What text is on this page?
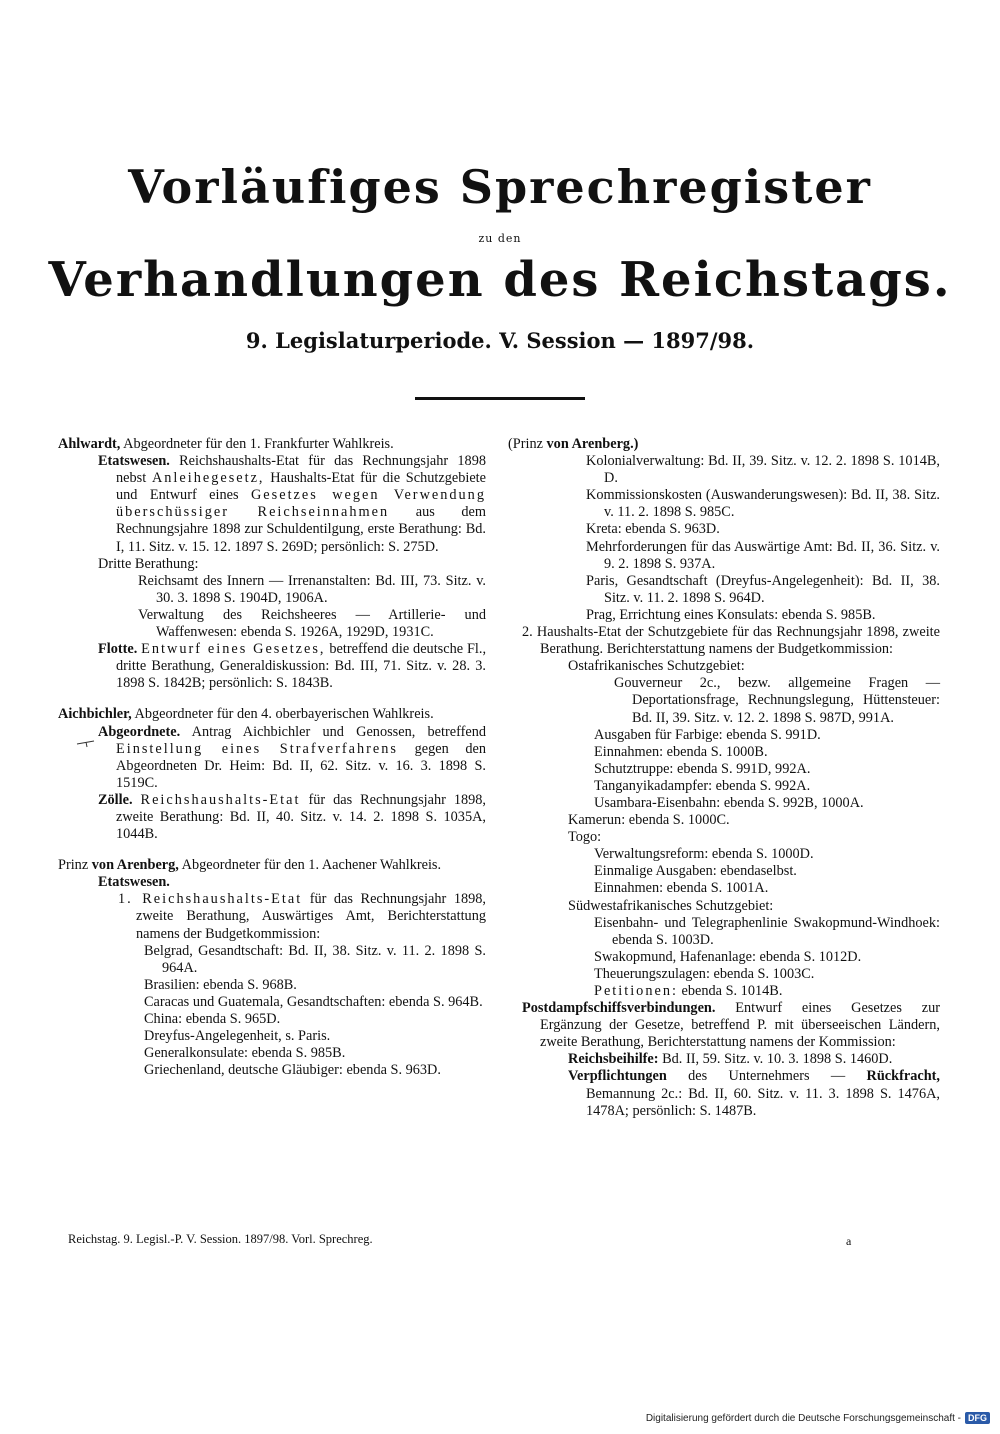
Vorläufiges Sprechregister
zu den
Verhandlungen des Reichstags.
9. Legislaturperiode. V. Session — 1897/98.

Ahlwardt, Abgeordneter für den 1. Frankfurter Wahlkreis.

Etatswesen. Reichshaushalts-Etat für das Rechnungsjahr 1898 nebst Anleihegesetz, Haushalts-Etat für die Schutzgebiete und Entwurf eines Gesetzes wegen Verwendung überschüssiger Reichseinnahmen aus dem Rechnungsjahre 1898 zur Schuldentilgung, erste Berathung: Bd. I, 11. Sitz. v. 15. 12. 1897 S. 269D; persönlich: S. 275D.

Dritte Berathung:

Reichsamt des Innern — Irrenanstalten: Bd. III, 73. Sitz. v. 30. 3. 1898 S. 1904D, 1906A.

Verwaltung des Reichsheeres — Artillerie- und Waffenwesen: ebenda S. 1926A, 1929D, 1931C.

Flotte. Entwurf eines Gesetzes, betreffend die deutsche Fl., dritte Berathung, Generaldiskussion: Bd. III, 71. Sitz. v. 28. 3. 1898 S. 1842B; persönlich: S. 1843B.

Aichbichler, Abgeordneter für den 4. oberbayerischen Wahlkreis.

Abgeordnete. Antrag Aichbichler und Genossen, betreffend Einstellung eines Strafverfahrens gegen den Abgeordneten Dr. Heim: Bd. II, 62. Sitz. v. 16. 3. 1898 S. 1519C.

Zölle. Reichshaushalts-Etat für das Rechnungsjahr 1898, zweite Berathung: Bd. II, 40. Sitz. v. 14. 2. 1898 S. 1035A, 1044B.

Prinz von Arenberg, Abgeordneter für den 1. Aachener Wahlkreis.

Etatswesen.

1. Reichshaushalts-Etat für das Rechnungsjahr 1898, zweite Berathung, Auswärtiges Amt, Berichterstattung namens der Budgetkommission:

Belgrad, Gesandtschaft: Bd. II, 38. Sitz. v. 11. 2. 1898 S. 964A.

Brasilien: ebenda S. 968B.

Caracas und Guatemala, Gesandtschaften: ebenda S. 964B.

China: ebenda S. 965D.

Dreyfus-Angelegenheit, s. Paris.

Generalkonsulate: ebenda S. 985B.

Griechenland, deutsche Gläubiger: ebenda S. 963D.

(Prinz von Arenberg.)

Kolonialverwaltung: Bd. II, 39. Sitz. v. 12. 2. 1898 S. 1014B, D.

Kommissionskosten (Auswanderungswesen): Bd. II, 38. Sitz. v. 11. 2. 1898 S. 985C.

Kreta: ebenda S. 963D.

Mehrforderungen für das Auswärtige Amt: Bd. II, 36. Sitz. v. 9. 2. 1898 S. 937A.

Paris, Gesandtschaft (Dreyfus-Angelegenheit): Bd. II, 38. Sitz. v. 11. 2. 1898 S. 964D.

Prag, Errichtung eines Konsulats: ebenda S. 985B.

2. Haushalts-Etat der Schutzgebiete für das Rechnungsjahr 1898, zweite Berathung. Berichterstattung namens der Budgetkommission:

Ostafrikanisches Schutzgebiet:

Gouverneur 2c., bezw. allgemeine Fragen — Deportationsfrage, Rechnungslegung, Hüttensteuer: Bd. II, 39. Sitz. v. 12. 2. 1898 S. 987D, 991A.

Ausgaben für Farbige: ebenda S. 991D.

Einnahmen: ebenda S. 1000B.

Schutztruppe: ebenda S. 991D, 992A.

Tanganyikadampfer: ebenda S. 992A.

Usambara-Eisenbahn: ebenda S. 992B, 1000A.

Kamerun: ebenda S. 1000C.

Togo:

Verwaltungsreform: ebenda S. 1000D.

Einmalige Ausgaben: ebendaselbst.

Einnahmen: ebenda S. 1001A.

Südwestafrikanisches Schutzgebiet:

Eisenbahn- und Telegraphenlinie Swakopmund-Windhoek: ebenda S. 1003D.

Swakopmund, Hafenanlage: ebenda S. 1012D.

Theuerungszulagen: ebenda S. 1003C.

Petitionen: ebenda S. 1014B.

Postdampfschiffsverbindungen. Entwurf eines Gesetzes zur Ergänzung der Gesetze, betreffend P. mit überseeischen Ländern, zweite Berathung, Berichterstattung namens der Kommission:

Reichsbeihilfe: Bd. II, 59. Sitz. v. 10. 3. 1898 S. 1460D.

Verpflichtungen des Unternehmers — Rückfracht, Bemannung 2c.: Bd. II, 60. Sitz. v. 11. 3. 1898 S. 1476A, 1478A; persönlich: S. 1487B.

Reichstag. 9. Legisl.-P. V. Session. 1897/98. Vorl. Sprechreg.	a
Digitalisierung gefördert durch die Deutsche Forschungsgemeinschaft - DFG
